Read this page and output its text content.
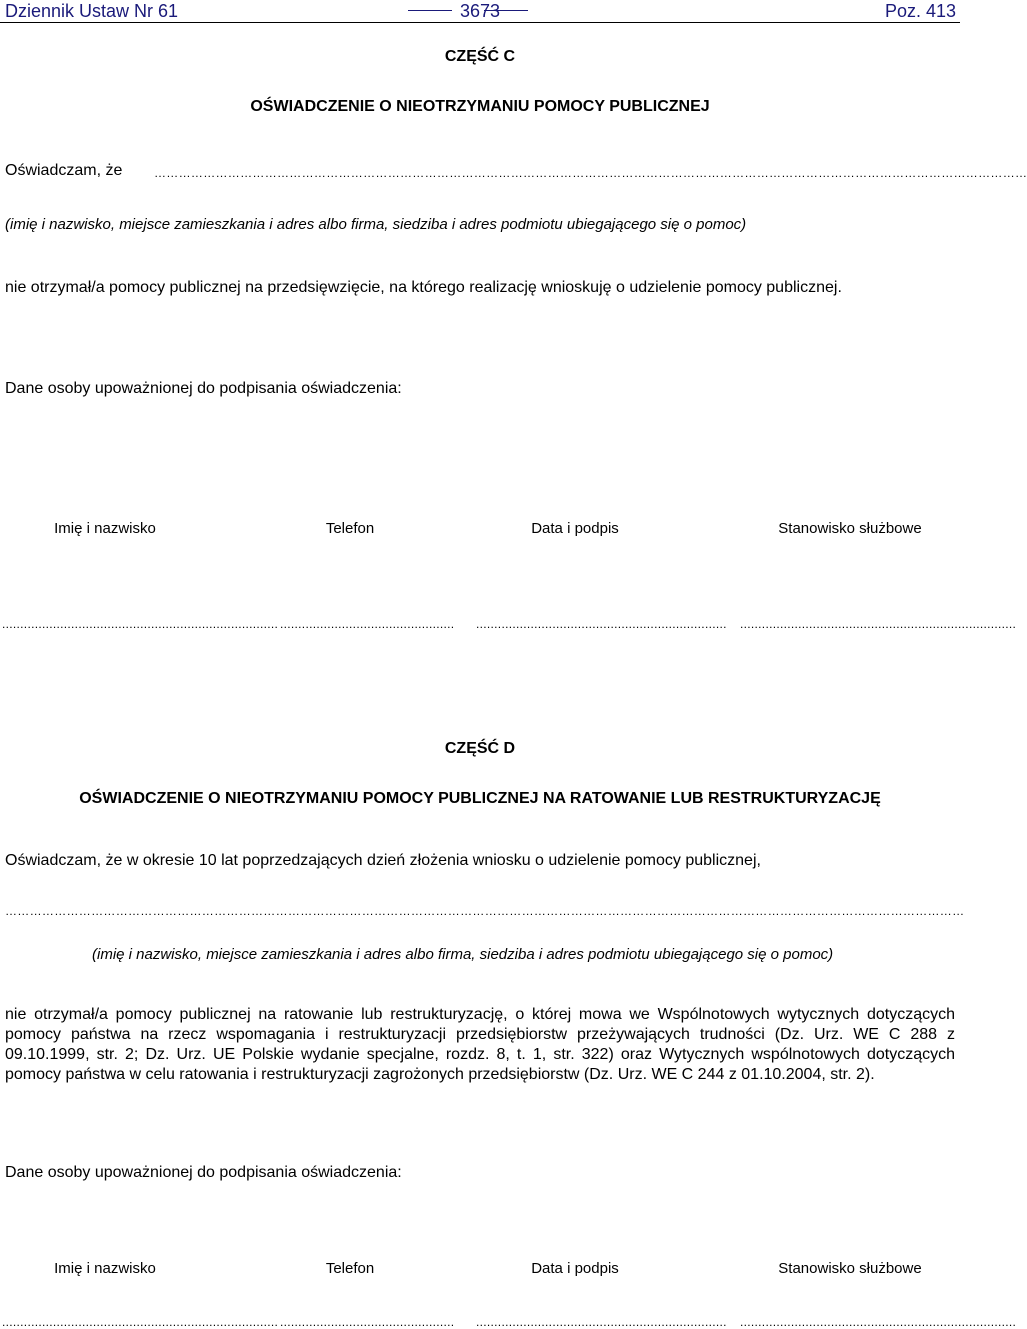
Dziennik Ustaw Nr 61	3673	Poz. 413
CZĘŚĆ C
OŚWIADCZENIE O NIEOTRZYMANIU POMOCY PUBLICZNEJ
Oświadczam, że	……………………………………………………………………………………………………………………………………………………………………………………………
(imię i nazwisko, miejsce zamieszkania i adres albo firma, siedziba i adres podmiotu ubiegającego się o pomoc)
nie otrzymał/a pomocy publicznej na przedsięwzięcie, na którego realizację wnioskuję o udzielenie pomocy publicznej.
Dane osoby upoważnionej do podpisania oświadczenia:
Imię i nazwisko	Telefon	Data i podpis	Stanowisko służbowe
............................................................................ ................................................ ..................................................................... ............................................................................
CZĘŚĆ D
OŚWIADCZENIE O NIEOTRZYMANIU POMOCY PUBLICZNEJ NA RATOWANIE LUB RESTRUKTURYZACJĘ
Oświadczam, że w okresie 10 lat poprzedzających dzień złożenia wniosku o udzielenie pomocy publicznej,
………………………………………………………………………………………………………………………………………………………………………………………………………………
(imię i nazwisko, miejsce zamieszkania i adres albo firma, siedziba i adres podmiotu ubiegającego się o pomoc)
nie otrzymał/a pomocy publicznej na ratowanie lub restrukturyzację, o której mowa we Wspólnotowych wytycznych dotyczących pomocy państwa na rzecz wspomagania i restrukturyzacji przedsiębiorstw przeżywających trudności (Dz. Urz. WE C 288 z 09.10.1999, str. 2; Dz. Urz. UE Polskie wydanie specjalne, rozdz. 8, t. 1, str. 322) oraz Wytycznych wspólnotowych dotyczących pomocy państwa w celu ratowania i restrukturyzacji zagrożonych przedsiębiorstw (Dz. Urz. WE C 244 z 01.10.2004, str. 2).
Dane osoby upoważnionej do podpisania oświadczenia:
Imię i nazwisko	Telefon	Data i podpis	Stanowisko służbowe
............................................................................ ................................................ ..................................................................... ............................................................................
